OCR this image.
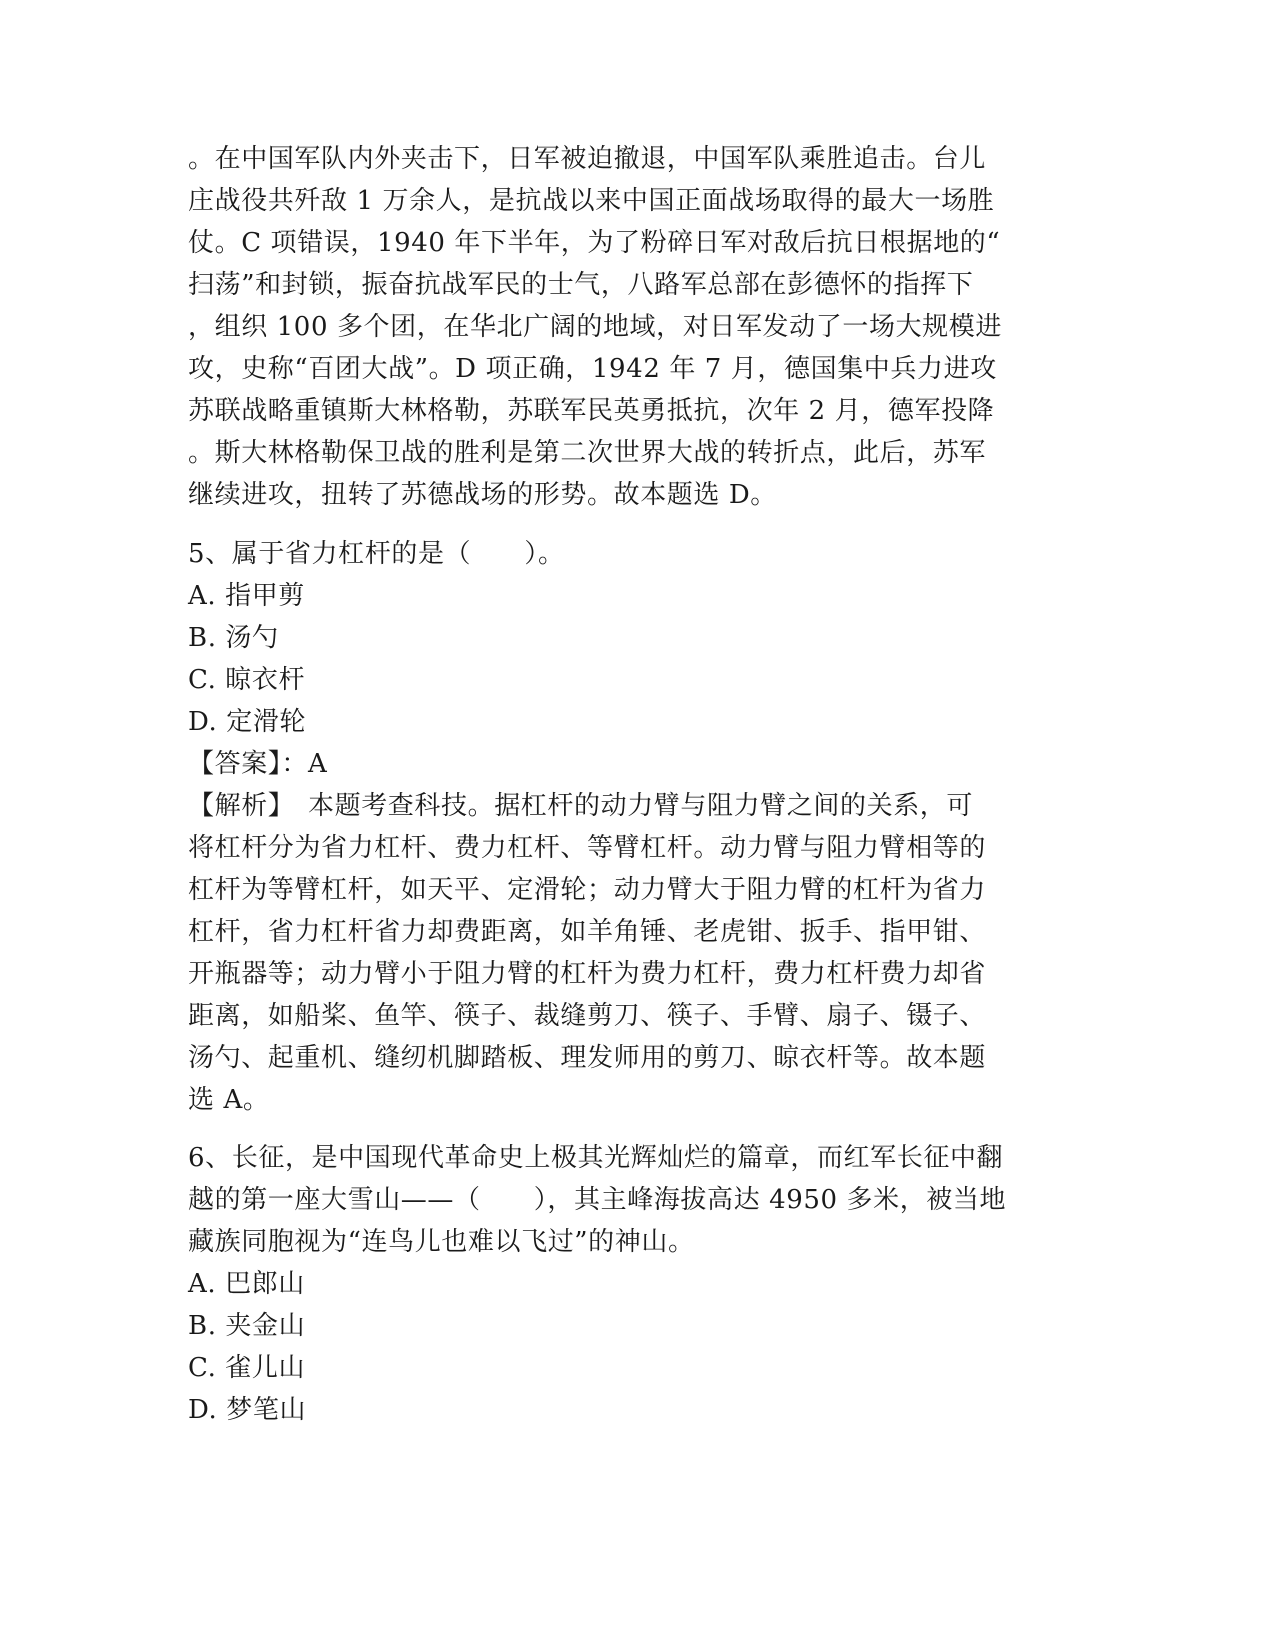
。在中国军队内外夹击下，日军被迫撤退，中国军队乘胜追击。台儿
庄战役共歼敌 1 万余人，是抗战以来中国正面战场取得的最大一场胜
仗。C 项错误，1940 年下半年，为了粉碎日军对敌后抗日根据地的“
扫荡”和封锁，振奋抗战军民的士气，八路军总部在彭德怀的指挥下
，组织 100 多个团，在华北广阔的地域，对日军发动了一场大规模进
攻，史称“百团大战”。D 项正确，1942 年 7 月，德国集中兵力进攻
苏联战略重镇斯大林格勒，苏联军民英勇抵抗，次年 2 月，德军投降
。斯大林格勒保卫战的胜利是第二次世界大战的转折点，此后，苏军
继续进攻，扭转了苏德战场的形势。故本题选 D。
5、属于省力杠杆的是（　　）。
A. 指甲剪
B. 汤勺
C. 晾衣杆
D. 定滑轮
【答案】：A
【解析】　本题考查科技。据杠杆的动力臂与阻力臂之间的关系，可
将杠杆分为省力杠杆、费力杠杆、等臂杠杆。动力臂与阻力臂相等的
杠杆为等臂杠杆，如天平、定滑轮；动力臂大于阻力臂的杠杆为省力
杠杆，省力杠杆省力却费距离，如羊角锤、老虎钳、扳手、指甲钳、
开瓶器等；动力臂小于阻力臂的杠杆为费力杠杆，费力杠杆费力却省
距离，如船桨、鱼竿、筷子、裁缝剪刀、筷子、手臂、扇子、镊子、
汤勺、起重机、缝纫机脚踏板、理发师用的剪刀、晾衣杆等。故本题
选 A。
6、长征，是中国现代革命史上极其光辉灿烂的篇章，而红军长征中翻
越的第一座大雪山——（　　），其主峰海拔高达 4950 多米，被当地
藏族同胞视为“连鸟儿也难以飞过”的神山。
A. 巴郎山
B. 夹金山
C. 雀儿山
D. 梦笔山
